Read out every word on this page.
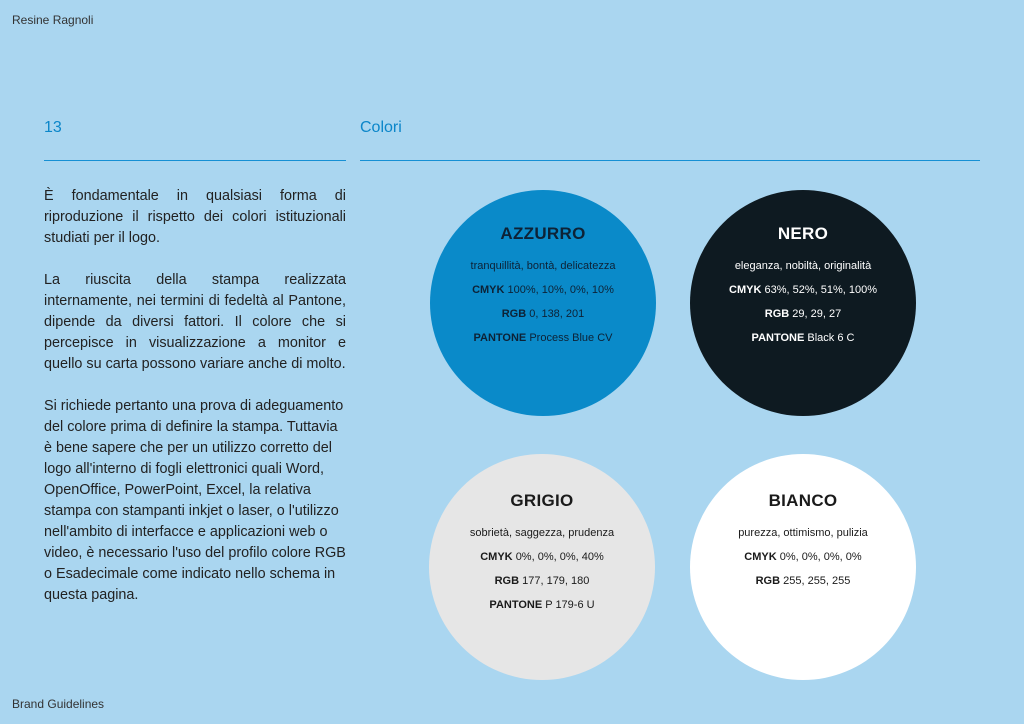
Resine Ragnoli
13	Colori

È fondamentale in qualsiasi forma di riproduzione il rispetto dei colori istituzionali studiati per il logo.

La riuscita della stampa realizzata internamente, nei termini di fedeltà al Pantone, dipende da diversi fattori. Il colore che si percepisce in visualizzazione a monitor e quello su carta possono variare anche di molto.

Si richiede pertanto una prova di adeguamento del colore prima di definire la stampa. Tuttavia è bene sapere che per un utilizzo corretto del logo all'interno di fogli elettronici quali Word, OpenOffice, PowerPoint, Excel, la relativa stampa con stampanti inkjet o laser, o l'utilizzo nell'ambito di interfacce e applicazioni web o video, è necessario l'uso del profilo colore RGB o Esadecimale come indicato nello schema in questa pagina.

AZZURRO
tranquillità, bontà, delicatezza
CMYK 100%, 10%, 0%, 10%
RGB 0, 138, 201
PANTONE Process Blue CV
NERO
eleganza, nobiltà, originalità
CMYK 63%, 52%, 51%, 100%
RGB 29, 29, 27
PANTONE Black 6 C
GRIGIO
sobrietà, saggezza, prudenza
CMYK 0%, 0%, 0%, 40%
RGB 177, 179, 180
PANTONE P 179-6 U
BIANCO
purezza, ottimismo, pulizia
CMYK 0%, 0%, 0%, 0%
RGB 255, 255, 255
Brand Guidelines
